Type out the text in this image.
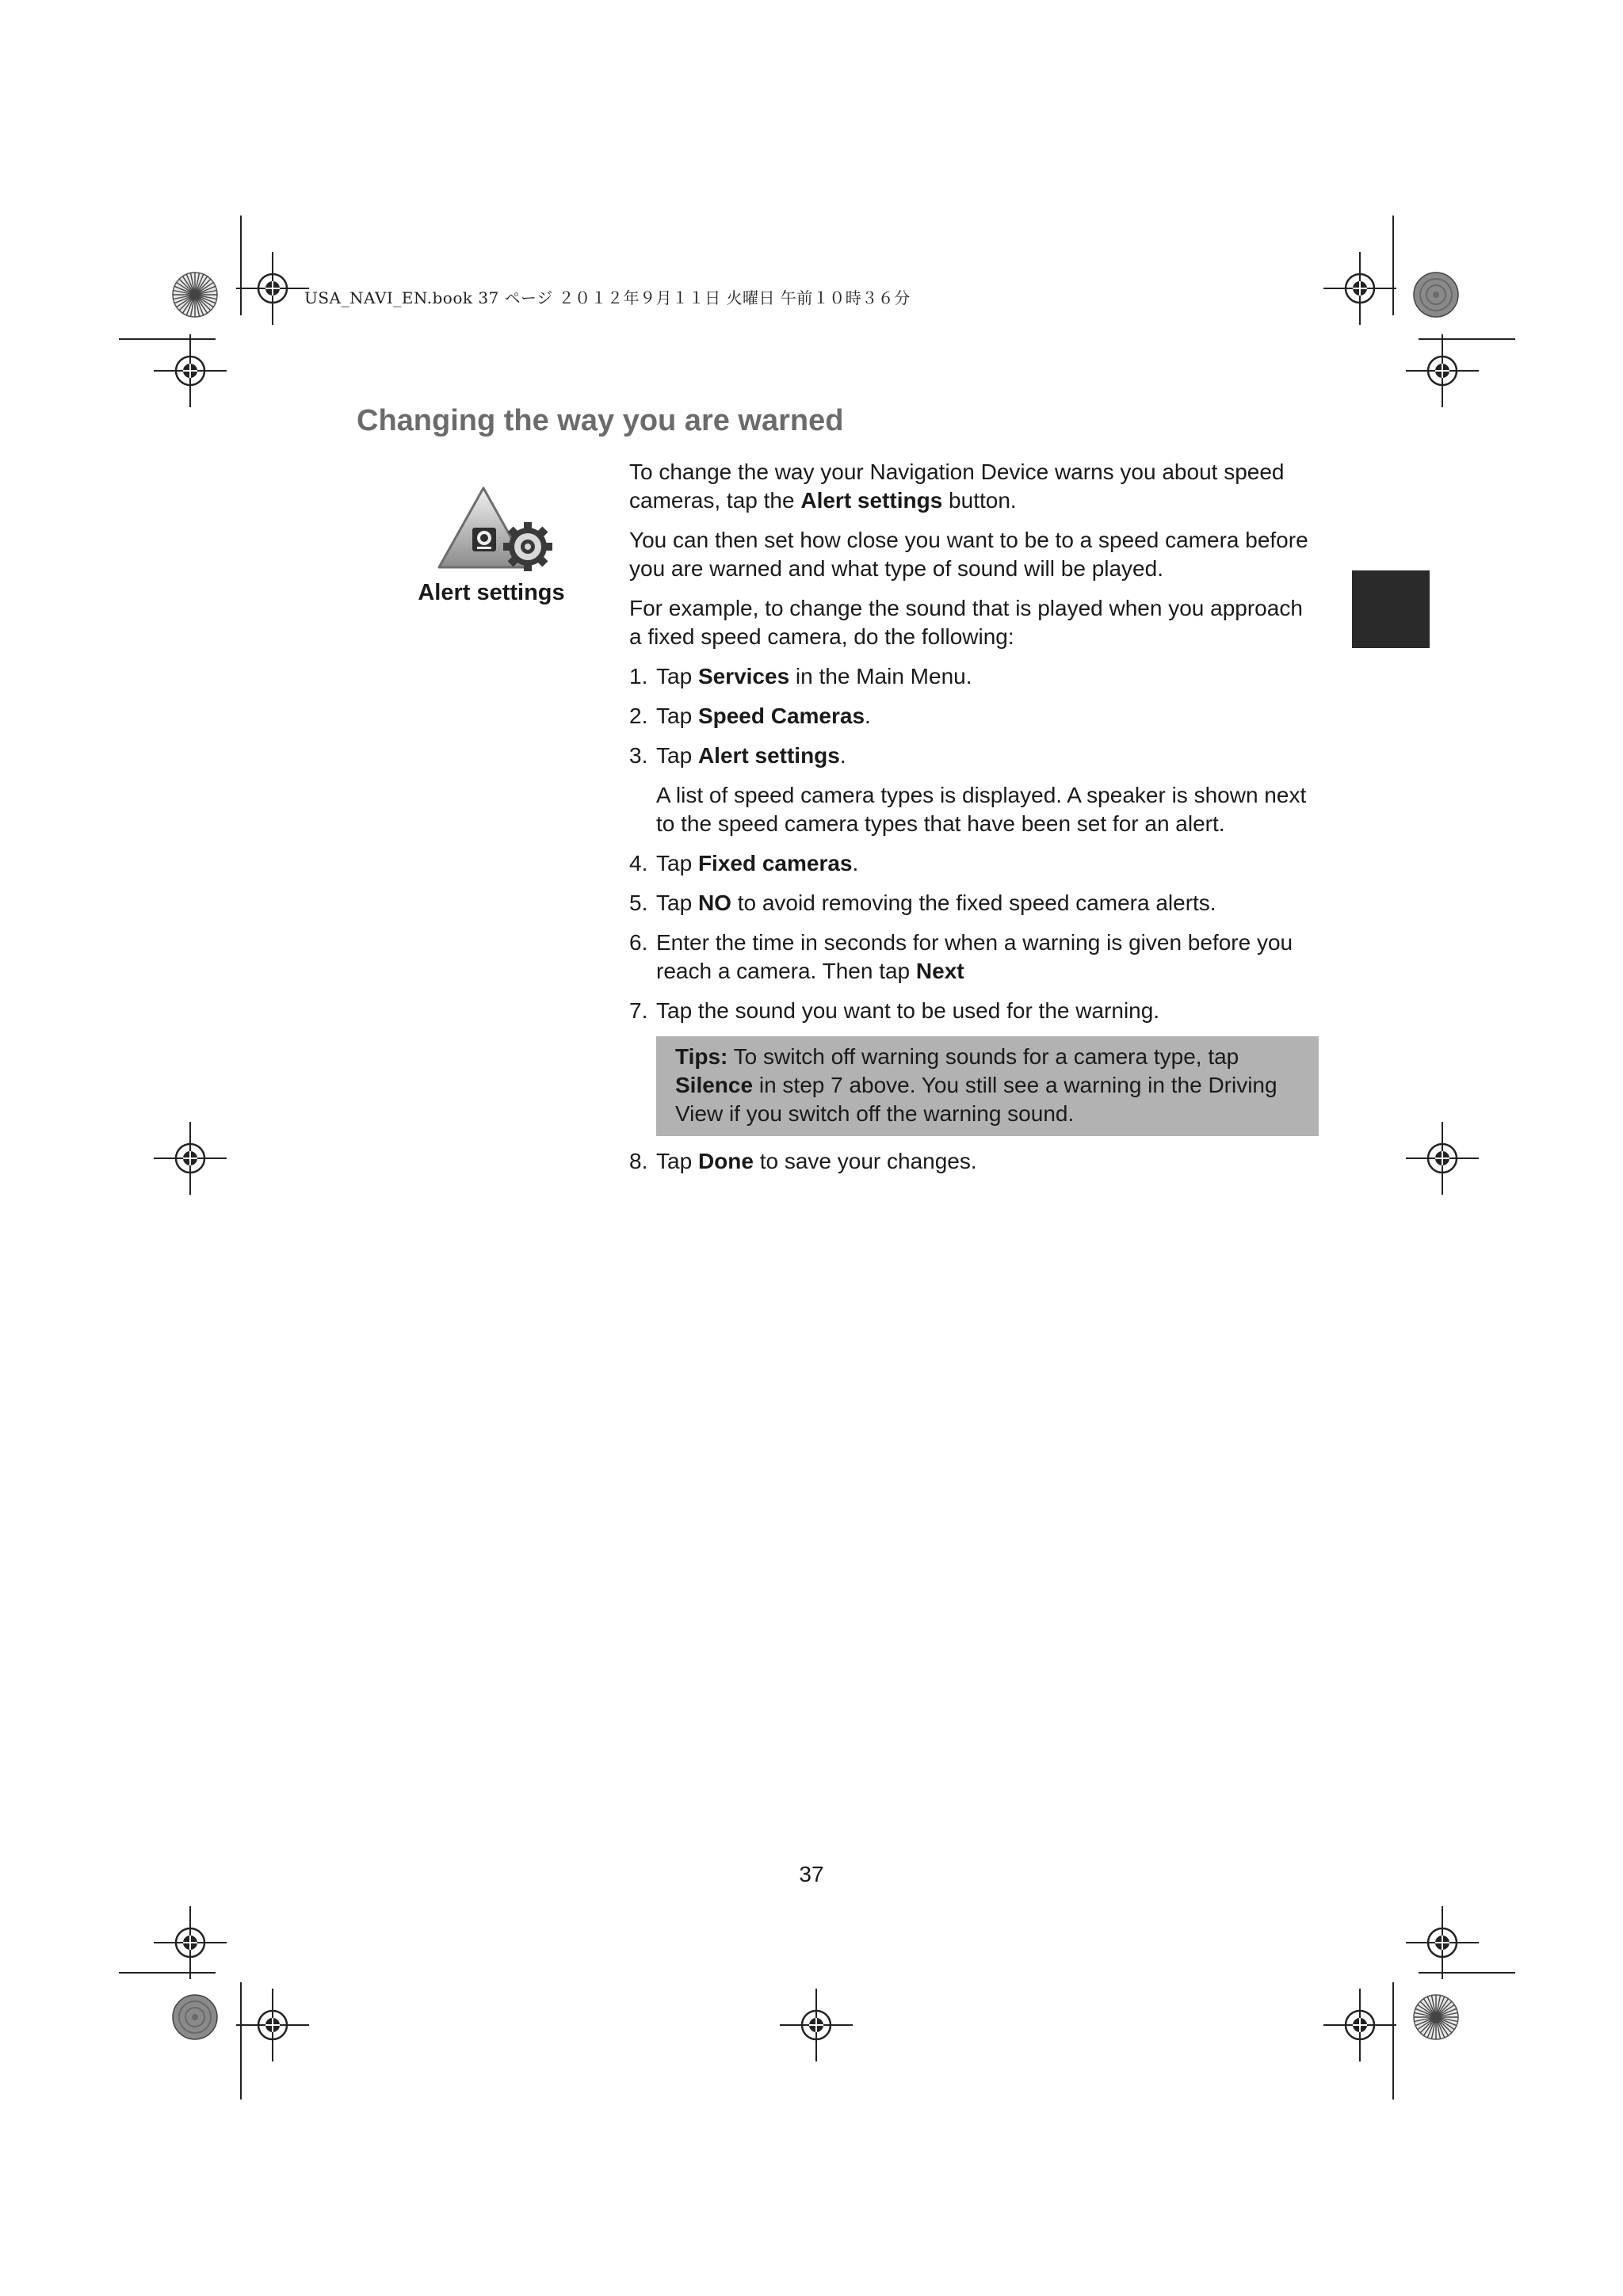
USA_NAVI_EN.book 37 ページ ２０１２年９月１１日 火曜日 午前１０時３６分
Changing the way you are warned
Alert settings

To change the way your Navigation Device warns you about speed cameras, tap the Alert settings button.

You can then set how close you want to be to a speed camera before you are warned and what type of sound will be played.

For example, to change the sound that is played when you approach a fixed speed camera, do the following:

1. Tap Services in the Main Menu.
2. Tap Speed Cameras.
3. Tap Alert settings.
A list of speed camera types is displayed. A speaker is shown next to the speed camera types that have been set for an alert.
4. Tap Fixed cameras.
5. Tap NO to avoid removing the fixed speed camera alerts.
6. Enter the time in seconds for when a warning is given before you reach a camera. Then tap Next
7. Tap the sound you want to be used for the warning.
Tips: To switch off warning sounds for a camera type, tap Silence in step 7 above. You still see a warning in the Driving View if you switch off the warning sound.
8. Tap Done to save your changes.
37
